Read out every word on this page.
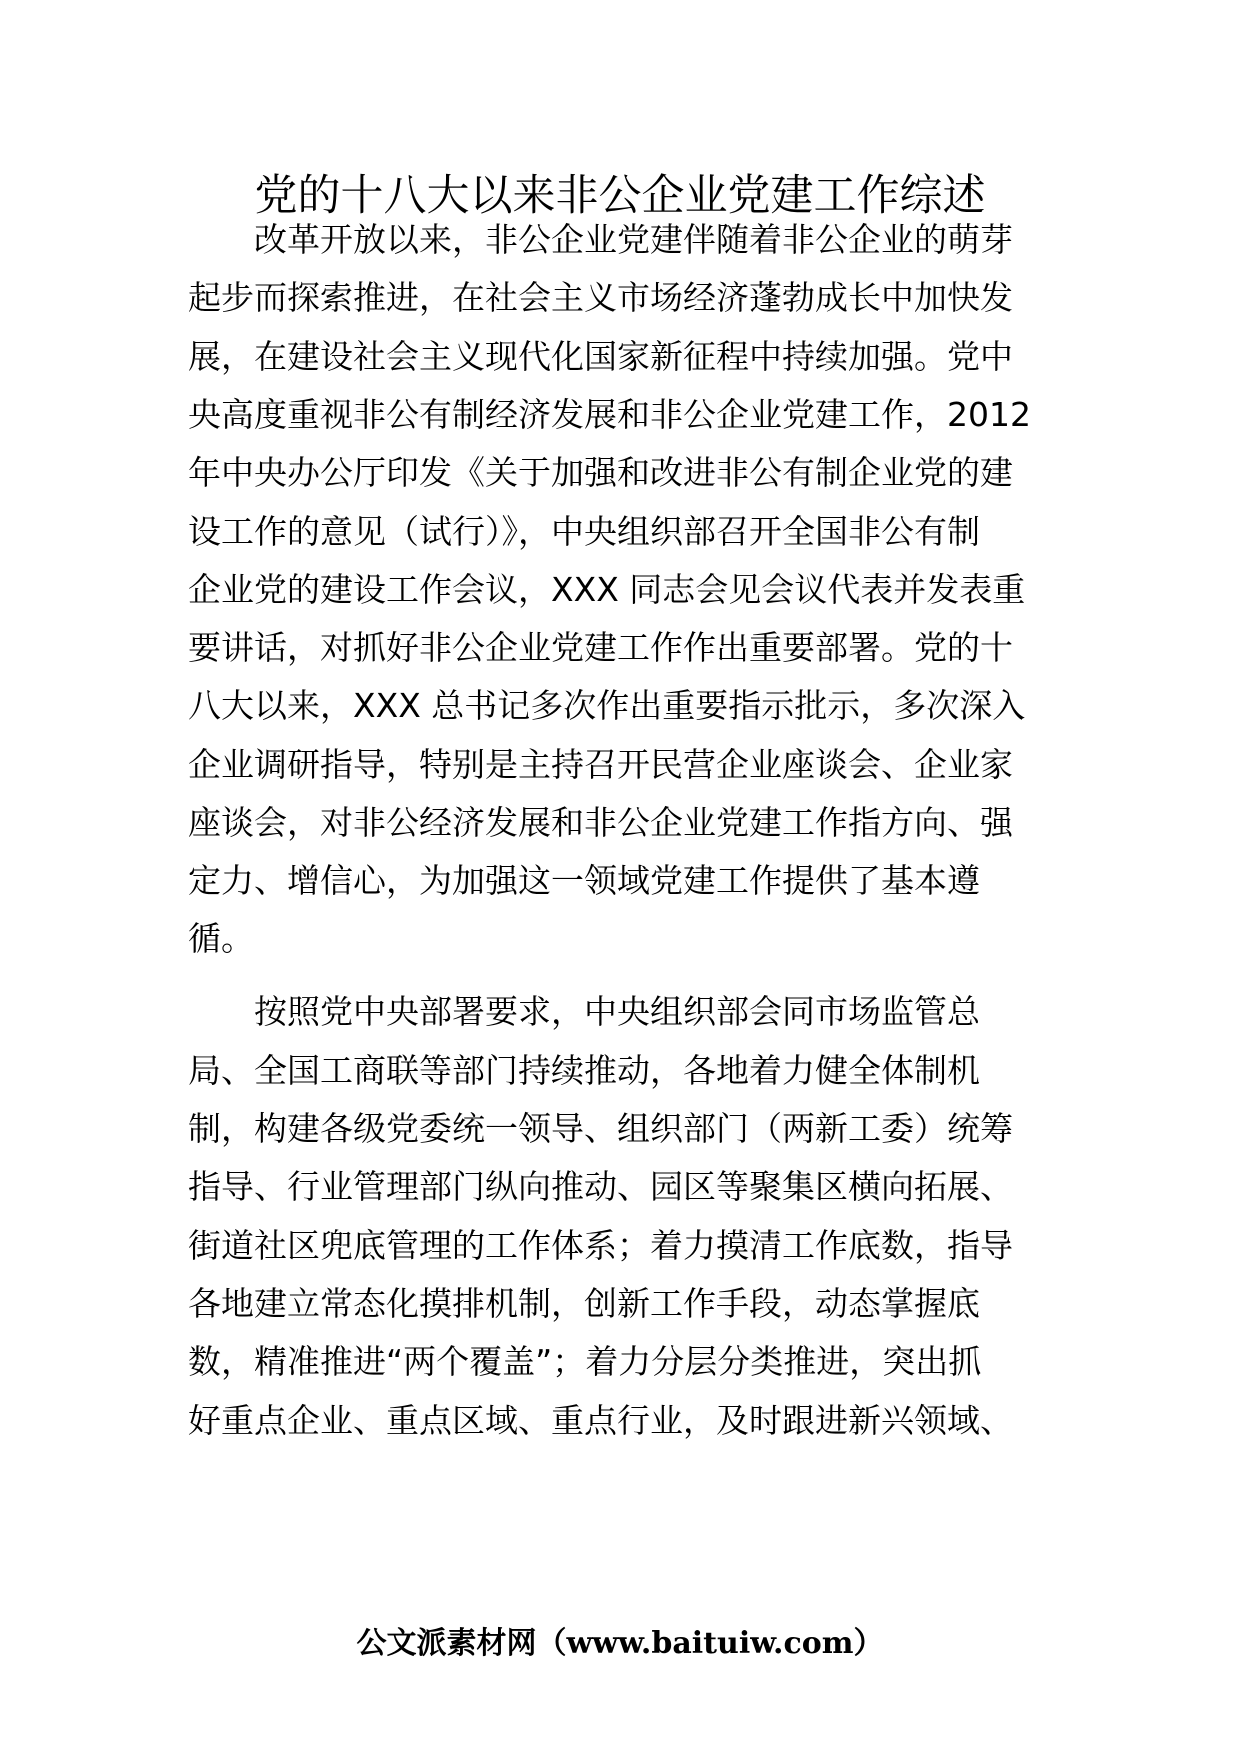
党的十八大以来非公企业党建工作综述

　　改革开放以来，非公企业党建伴随着非公企业的萌芽

起步而探索推进，在社会主义市场经济蓬勃成长中加快发

展，在建设社会主义现代化国家新征程中持续加强。党中

央高度重视非公有制经济发展和非公企业党建工作，2012

年中央办公厅印发《关于加强和改进非公有制企业党的建

设工作的意见（试行）》，中央组织部召开全国非公有制

企业党的建设工作会议，XXX 同志会见会议代表并发表重

要讲话，对抓好非公企业党建工作作出重要部署。党的十

八大以来，XXX 总书记多次作出重要指示批示，多次深入

企业调研指导，特别是主持召开民营企业座谈会、企业家

座谈会，对非公经济发展和非公企业党建工作指方向、强

定力、增信心，为加强这一领域党建工作提供了基本遵

循。

　　按照党中央部署要求，中央组织部会同市场监管总

局、全国工商联等部门持续推动，各地着力健全体制机

制，构建各级党委统一领导、组织部门（两新工委）统筹

指导、行业管理部门纵向推动、园区等聚集区横向拓展、

街道社区兜底管理的工作体系；着力摸清工作底数，指导

各地建立常态化摸排机制，创新工作手段，动态掌握底

数，精准推进“两个覆盖”；着力分层分类推进，突出抓

好重点企业、重点区域、重点行业，及时跟进新兴领域、

公文派素材网（www.baituiw.com）
